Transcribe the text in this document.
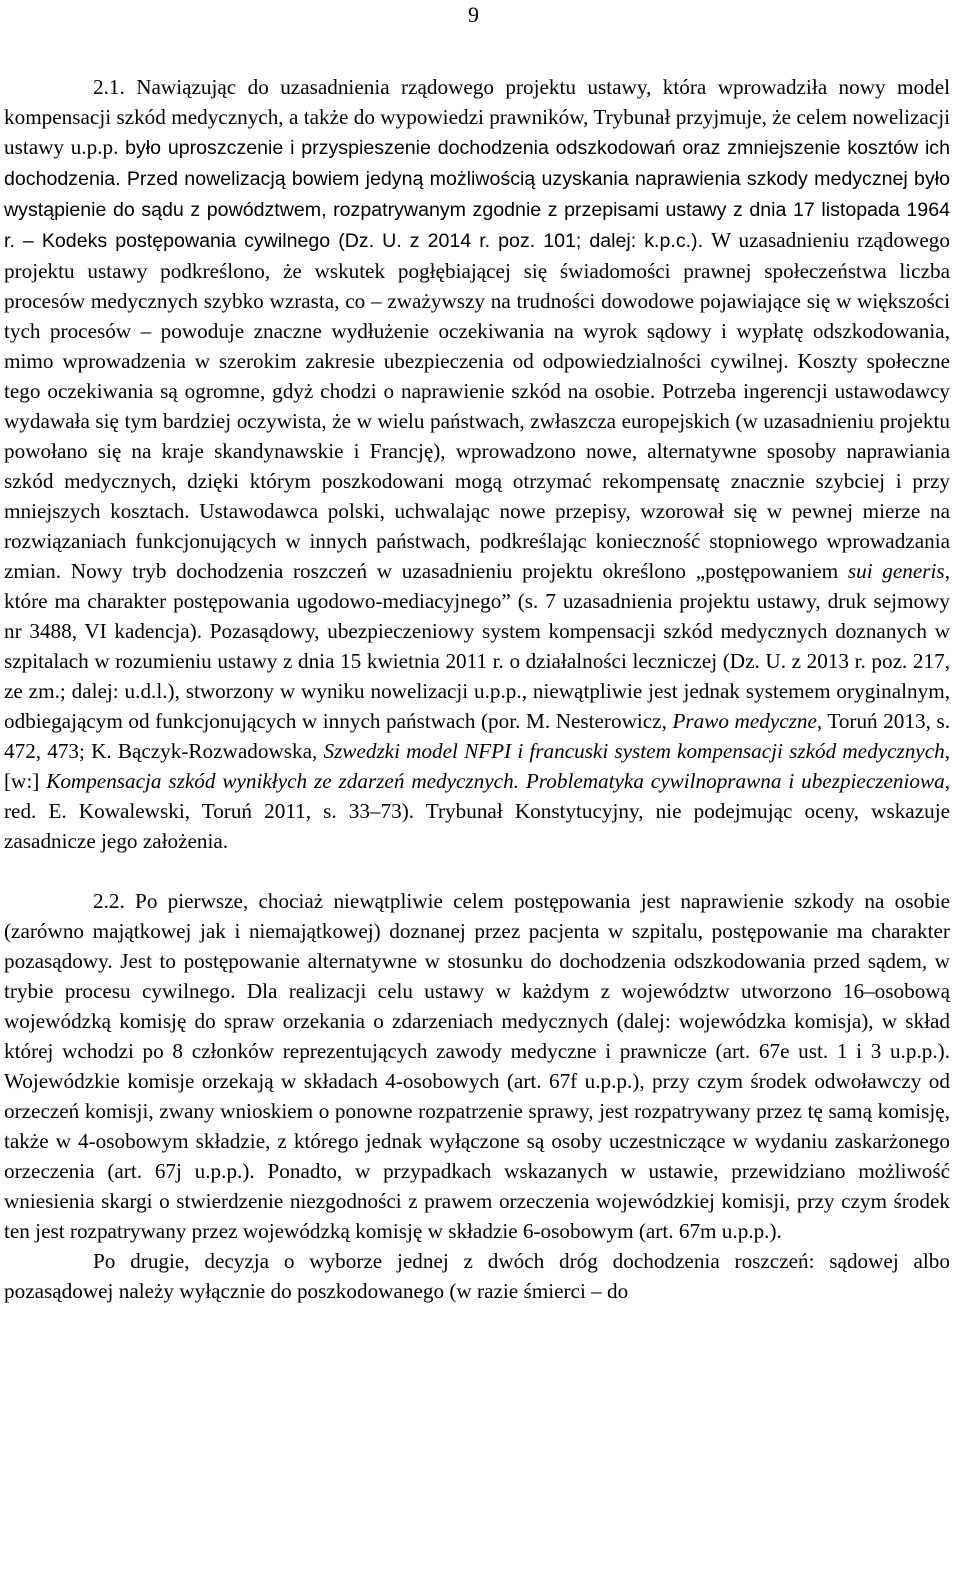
9

2.1. Nawiązując do uzasadnienia rządowego projektu ustawy, która wprowadziła nowy model kompensacji szkód medycznych, a także do wypowiedzi prawników, Trybunał przyjmuje, że celem nowelizacji ustawy u.p.p. było uproszczenie i przyspieszenie dochodzenia odszkodowań oraz zmniejszenie kosztów ich dochodzenia. Przed nowelizacją bowiem jedyną możliwością uzyskania naprawienia szkody medycznej było wystąpienie do sądu z powództwem, rozpatrywanym zgodnie z przepisami ustawy z dnia 17 listopada 1964 r. – Kodeks postępowania cywilnego (Dz. U. z 2014 r. poz. 101; dalej: k.p.c.). W uzasadnieniu rządowego projektu ustawy podkreślono, że wskutek pogłębiającej się świadomości prawnej społeczeństwa liczba procesów medycznych szybko wzrasta, co – zważywszy na trudności dowodowe pojawiające się w większości tych procesów – powoduje znaczne wydłużenie oczekiwania na wyrok sądowy i wypłatę odszkodowania, mimo wprowadzenia w szerokim zakresie ubezpieczenia od odpowiedzialności cywilnej. Koszty społeczne tego oczekiwania są ogromne, gdyż chodzi o naprawienie szkód na osobie. Potrzeba ingerencji ustawodawcy wydawała się tym bardziej oczywista, że w wielu państwach, zwłaszcza europejskich (w uzasadnieniu projektu powołano się na kraje skandynawskie i Francję), wprowadzono nowe, alternatywne sposoby naprawiania szkód medycznych, dzięki którym poszkodowani mogą otrzymać rekompensatę znacznie szybciej i przy mniejszych kosztach. Ustawodawca polski, uchwalając nowe przepisy, wzorował się w pewnej mierze na rozwiązaniach funkcjonujących w innych państwach, podkreślając konieczność stopniowego wprowadzania zmian. Nowy tryb dochodzenia roszczeń w uzasadnieniu projektu określono „postępowaniem sui generis, które ma charakter postępowania ugodowo-mediacyjnego” (s. 7 uzasadnienia projektu ustawy, druk sejmowy nr 3488, VI kadencja). Pozasądowy, ubezpieczeniowy system kompensacji szkód medycznych doznanych w szpitalach w rozumieniu ustawy z dnia 15 kwietnia 2011 r. o działalności leczniczej (Dz. U. z 2013 r. poz. 217, ze zm.; dalej: u.d.l.), stworzony w wyniku nowelizacji u.p.p., niewątpliwie jest jednak systemem oryginalnym, odbiegającym od funkcjonujących w innych państwach (por. M. Nesterowicz, Prawo medyczne, Toruń 2013, s. 472, 473; K. Bączyk-Rozwadowska, Szwedzki model NFPI i francuski system kompensacji szkód medycznych, [w:] Kompensacja szkód wynikłych ze zdarzeń medycznych. Problematyka cywilnoprawna i ubezpieczeniowa, red. E. Kowalewski, Toruń 2011, s. 33–73). Trybunał Konstytucyjny, nie podejmując oceny, wskazuje zasadnicze jego założenia.

2.2. Po pierwsze, chociaż niewątpliwie celem postępowania jest naprawienie szkody na osobie (zarówno majątkowej jak i niemajątkowej) doznanej przez pacjenta w szpitalu, postępowanie ma charakter pozasądowy. Jest to postępowanie alternatywne w stosunku do dochodzenia odszkodowania przed sądem, w trybie procesu cywilnego. Dla realizacji celu ustawy w każdym z województw utworzono 16–osobową wojewódzką komisję do spraw orzekania o zdarzeniach medycznych (dalej: wojewódzka komisja), w skład której wchodzi po 8 członków reprezentujących zawody medyczne i prawnicze (art. 67e ust. 1 i 3 u.p.p.). Wojewódzkie komisje orzekają w składach 4-osobowych (art. 67f u.p.p.), przy czym środek odwoławczy od orzeczeń komisji, zwany wnioskiem o ponowne rozpatrzenie sprawy, jest rozpatrywany przez tę samą komisję, także w 4-osobowym składzie, z którego jednak wyłączone są osoby uczestniczące w wydaniu zaskarżonego orzeczenia (art. 67j u.p.p.). Ponadto, w przypadkach wskazanych w ustawie, przewidziano możliwość wniesienia skargi o stwierdzenie niezgodności z prawem orzeczenia wojewódzkiej komisji, przy czym środek ten jest rozpatrywany przez wojewódzką komisję w składzie 6-osobowym (art. 67m u.p.p.).

Po drugie, decyzja o wyborze jednej z dwóch dróg dochodzenia roszczeń: sądowej albo pozasądowej należy wyłącznie do poszkodowanego (w razie śmierci – do
